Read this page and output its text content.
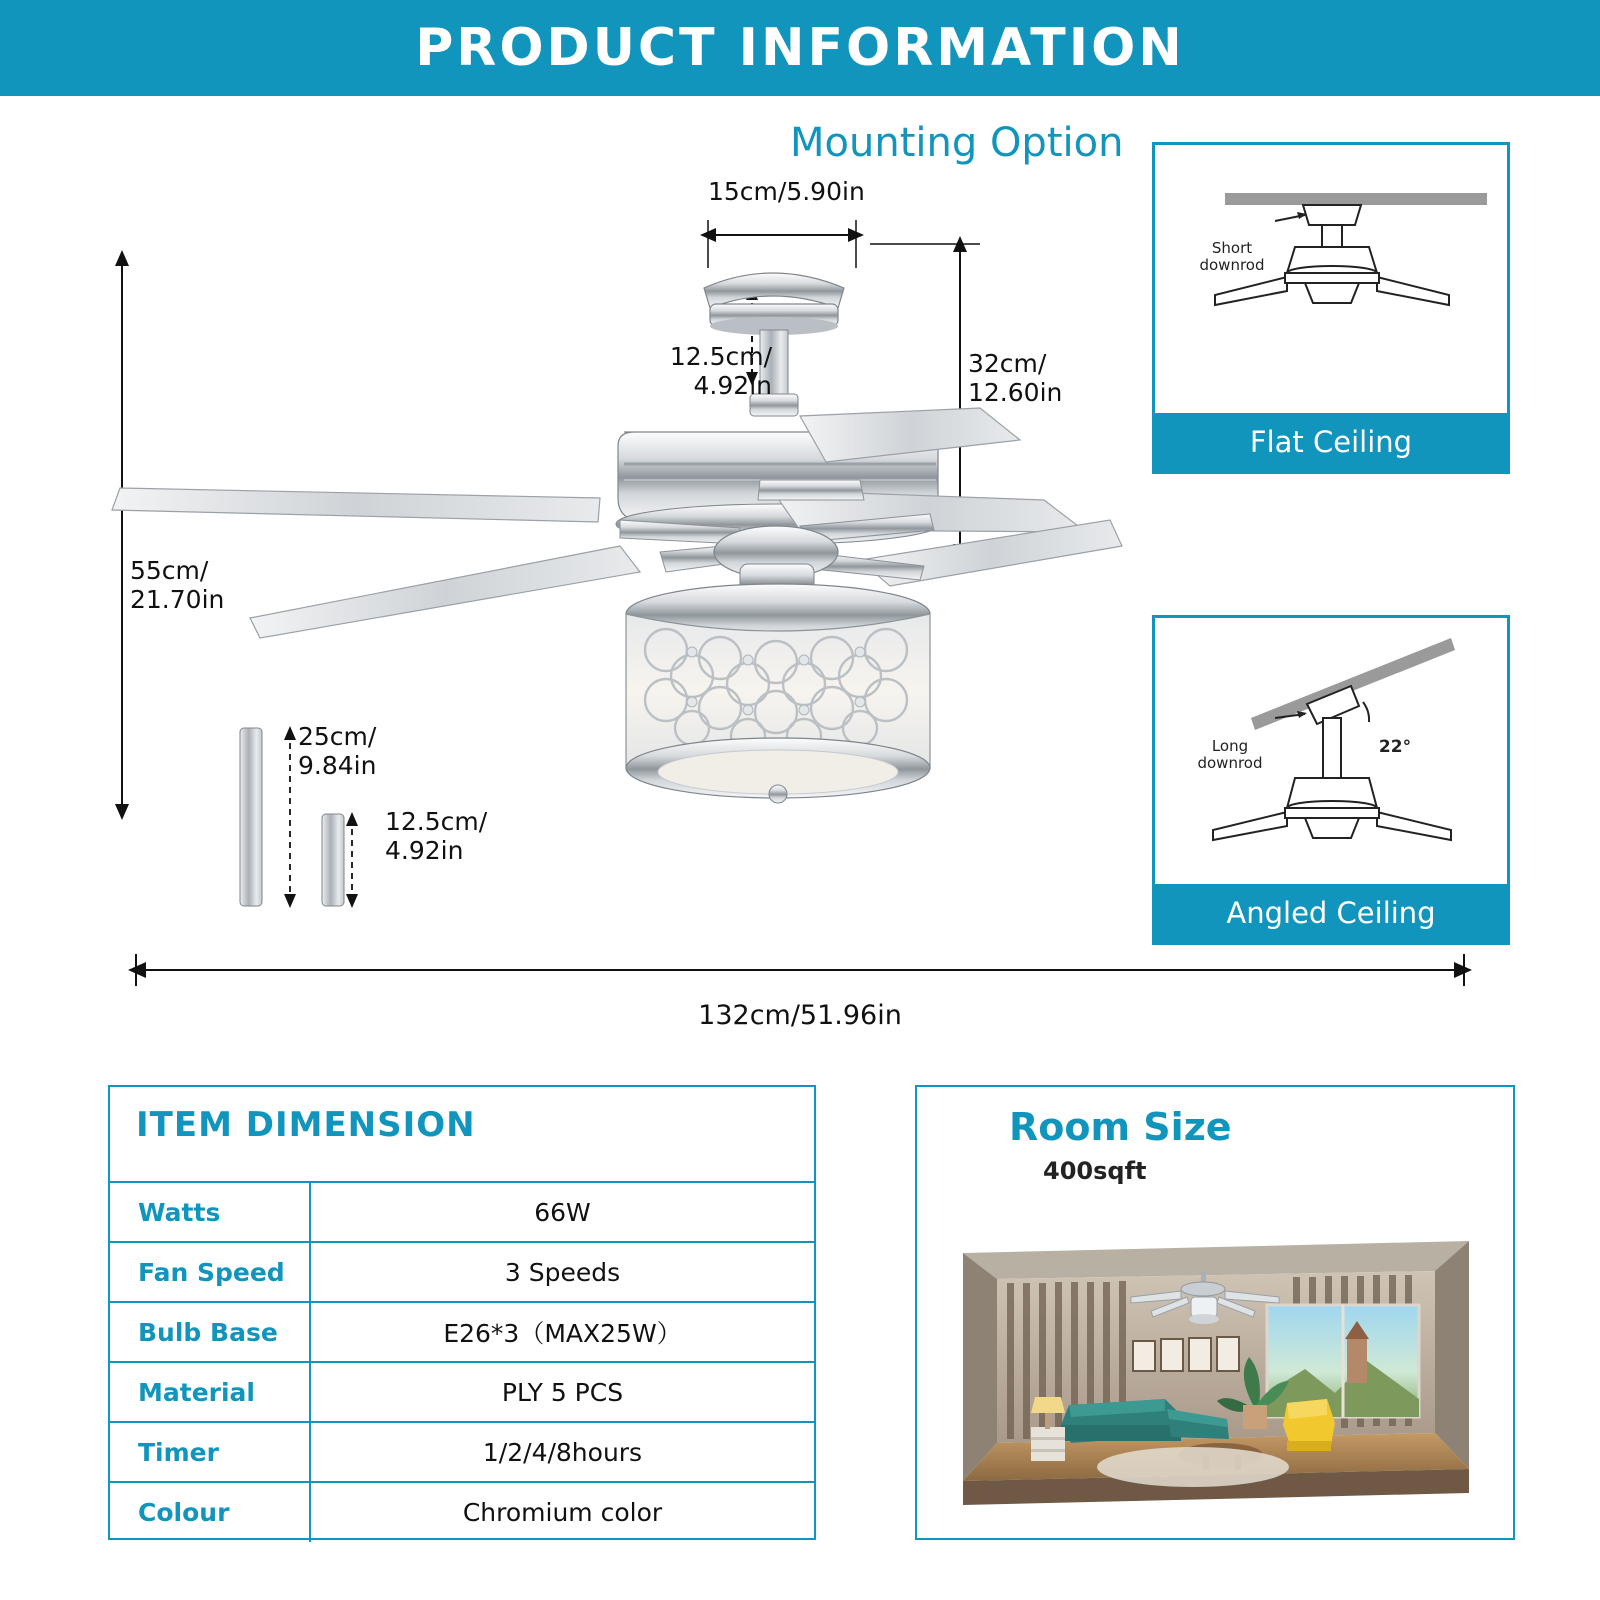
PRODUCT INFORMATION
Mounting Option
Short
downrod
Flat Ceiling
Long
downrod
22°
Angled Ceiling
15cm/5.90in
12.5cm/
4.92in
32cm/
12.60in
55cm/
21.70in
25cm/
9.84in
12.5cm/
4.92in
132cm/51.96in
ITEM DIMENSION
Watts	66W
Fan Speed	3 Speeds
Bulb Base	E26*3（MAX25W）
Material	PLY 5 PCS
Timer	1/2/4/8hours
Colour	Chromium color
Room Size
400sqft
